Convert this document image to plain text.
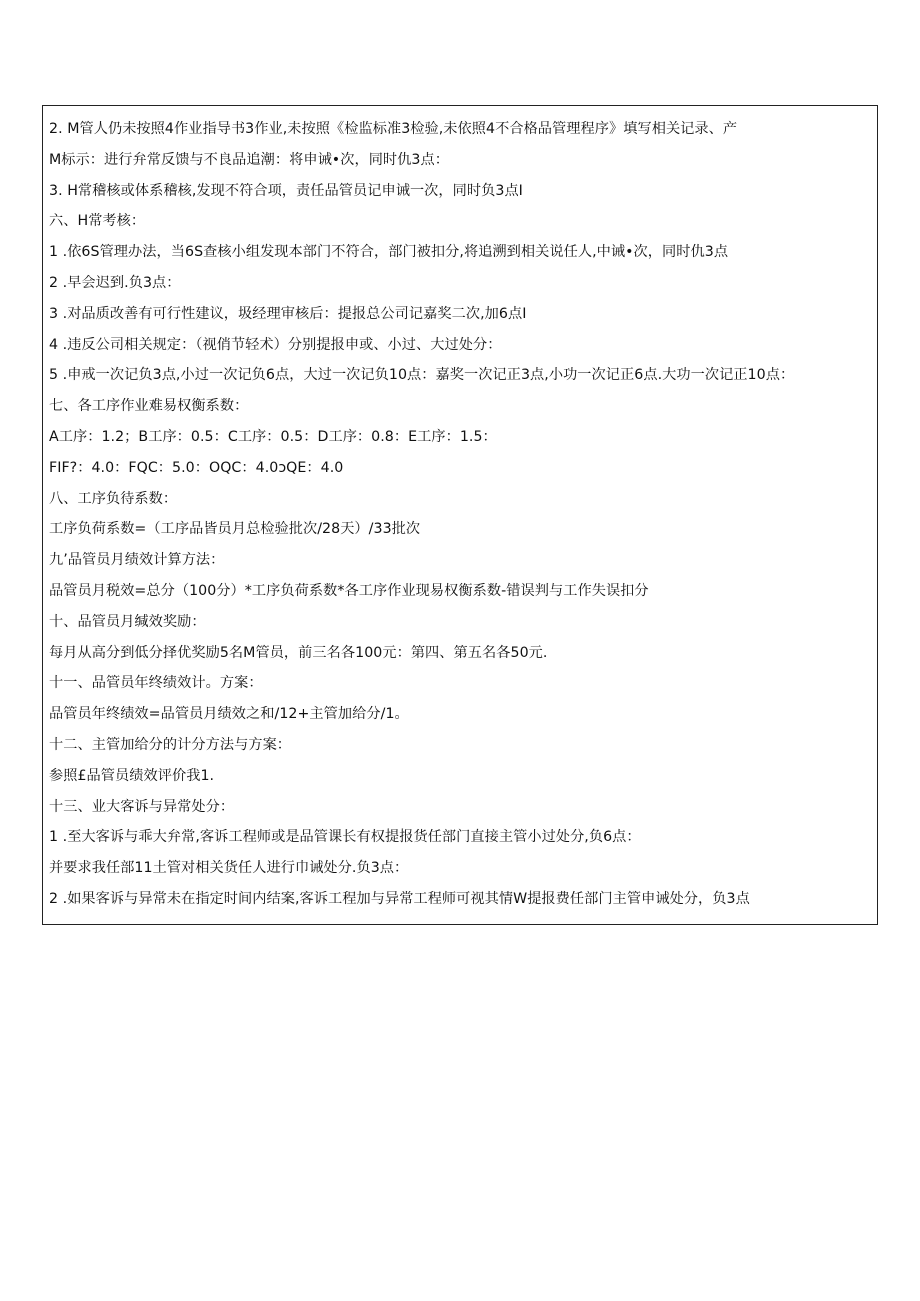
2. M管人仍未按照4作业指导书3作业,未按照《检监标准3检验,未依照4不合格品管理程序》填写相关记录、产
M标示：进行弁常反馈与不良品追潮：将申诫•次，同时仇3点：
3. H常稽核或体系稽核,发现不符合项，责任品管员记申诫一次，同时负3点I
六、H常考核：
1 .依6S管理办法，当6S查核小组发现本部门不符合，部门被扣分,将追溯到相关说任人,中诫•次，同时仇3点
2 .早会迟到.负3点：
3 .对品质改善有可行性建议，圾经理审核后：提报总公司记嘉奖二次,加6点I
4 .违反公司相关规定：（视俏节轻术）分别提报申或、小过、大过处分：
5 .申戒一次记负3点,小过一次记负6点，大过一次记负10点：嘉奖一次记正3点,小功一次记正6点.大功一次记正10点：
七、各工序作业难易权衡系数：
A工序：1.2；B工序：0.5：C工序：0.5：D工序：0.8：E工序：1.5：
FIF?：4.0：FQC：5.0：OQC：4.0ↄQE：4.0
八、工序负待系数：
工序负荷系数=（工序品皆员月总检验批次/28天）/33批次
九’品管员月绩效计算方法：
品管员月税效=总分（100分）*工序负荷系数*各工序作业现易权衡系数-错误判与工作失误扣分
十、品管员月缄效奖励：
每月从高分到低分择优奖励5名M管员，前三名各100元：第四、第五名各50元.
十一、品管员年终绩效计。方案：
品管员年终绩效=品管员月绩效之和/12+主管加给分/1。
十二、主管加给分的计分方法与方案：
参照£品管员绩效评价我1.
十三、业大客诉与异常处分：
1 .至大客诉与乖大弁常,客诉工程师或是品管课长有权提报货任部门直接主管小过处分,负6点：
并要求我任部11土管对相关货任人进行巾诫处分.负3点：
2 .如果客诉与异常未在指定时间内结案,客诉工程加与异常工程师可视其情W提报费任部门主管申诫处分，负3点
